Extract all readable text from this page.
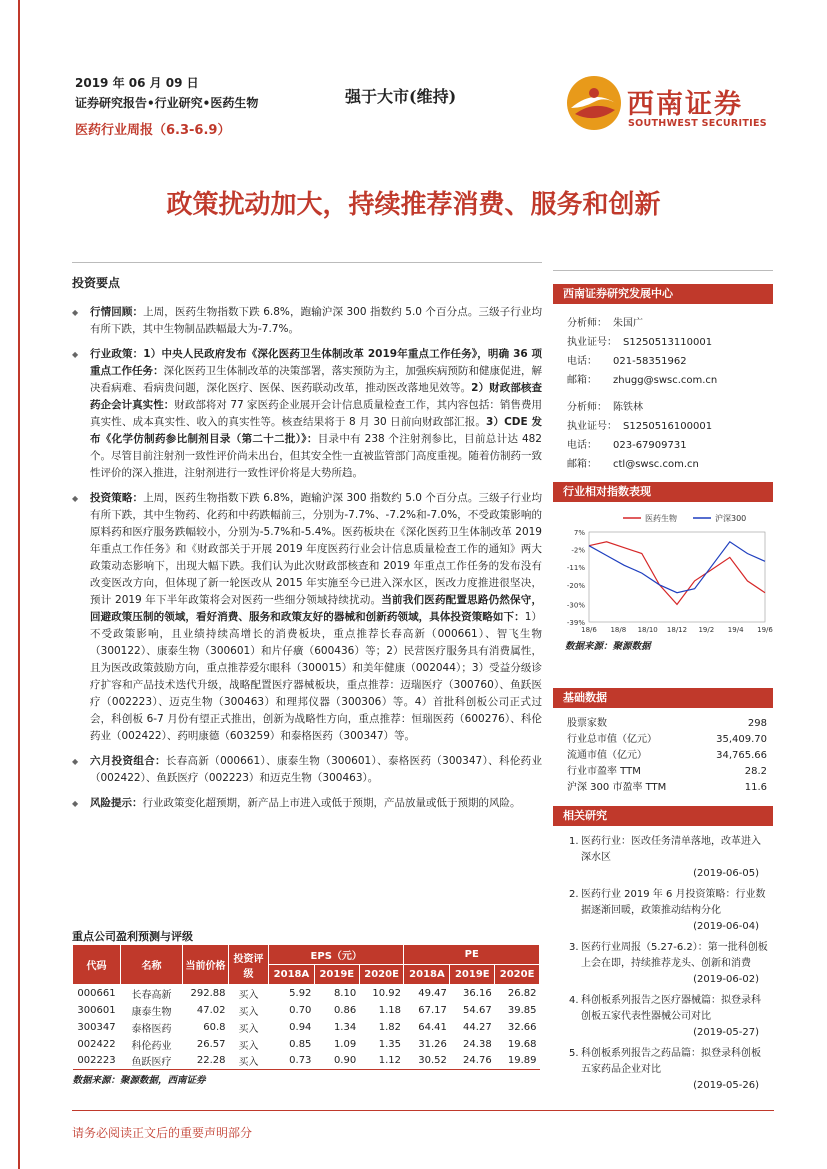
2019 年 06 月 09 日
证券研究报告•行业研究•医药生物
医药行业周报（6.3-6.9）
强于大市(维持)	西南证券
SOUTHWEST SECURITIES
政策扰动加大，持续推荐消费、服务和创新
投资要点
◆ 行情回顾：上周，医药生物指数下跌 6.8%，跑输沪深 300 指数约 5.0 个百分点。三级子行业均有所下跌，其中生物制品跌幅最大为-7.7%。
◆ 行业政策：1）中央人民政府发布《深化医药卫生体制改革 2019年重点工作任务》，明确 36 项重点工作任务：深化医药卫生体制改革的决策部署，落实预防为主，加强疾病预防和健康促进，解决看病难、看病贵问题，深化医疗、医保、医药联动改革，推动医改落地见效等。2）财政部核查药企会计真实性：财政部将对 77 家医药企业展开会计信息质量检查工作，其内容包括：销售费用真实性、成本真实性、收入的真实性等。核查结果将于 8 月 30 日前向财政部汇报。3）CDE 发布《化学仿制药参比制剂目录（第二十二批）》：目录中有 238 个注射剂参比，目前总计达 482 个。尽管目前注射剂一致性评价尚未出台，但其安全性一直被监管部门高度重视。随着仿制药一致性评价的深入推进，注射剂进行一致性评价将是大势所趋。
◆ 投资策略：上周，医药生物指数下跌 6.8%，跑输沪深 300 指数约 5.0 个百分点。三级子行业均有所下跌，其中生物药、化药和中药跌幅前三，分别为-7.7%、-7.2%和-7.0%，不受政策影响的原料药和医疗服务跌幅较小，分别为-5.7%和-5.4%。医药板块在《深化医药卫生体制改革 2019 年重点工作任务》和《财政部关于开展 2019 年度医药行业会计信息质量检查工作的通知》两大政策动态影响下，出现大幅下跌。我们认为此次财政部核查和 2019 年重点工作任务的发布没有改变医改方向，但体现了新一轮医改从 2015 年实施至今已进入深水区，医改力度推进很坚决，预计 2019 年下半年政策将会对医药一些细分领域持续扰动。当前我们医药配置思路仍然保守，回避政策压制的领域，看好消费、服务和政策友好的器械和创新药领域，具体投资策略如下：1）不受政策影响，且业绩持续高增长的消费板块，重点推荐长春高新（000661）、智飞生物（300122）、康泰生物（300601）和片仔癀（600436）等；2）民营医疗服务具有消费属性，且为医改政策鼓励方向，重点推荐爱尔眼科（300015）和美年健康（002044）；3）受益分级诊疗扩容和产品技术迭代升级，战略配置医疗器械板块，重点推荐：迈瑞医疗（300760）、鱼跃医疗（002223）、迈克生物（300463）和理邦仪器（300306）等。4）首批科创板公司正式过会，科创板 6-7 月份有望正式推出，创新为战略性方向，重点推荐：恒瑞医药（600276）、科伦药业（002422）、药明康德（603259）和泰格医药（300347）等。
◆ 六月投资组合：长春高新（000661）、康泰生物（300601）、泰格医药（300347）、科伦药业（002422）、鱼跃医疗（002223）和迈克生物（300463）。
◆ 风险提示：行业政策变化超预期，新产品上市进入或低于预期，产品放量或低于预期的风险。
重点公司盈利预测与评级
代码	名称	当前价格	投资评级	EPS（元）			PE		
				2018A	2019E	2020E	2018A	2019E	2020E
000661	长春高新	292.88	买入	5.92	8.10	10.92	49.47	36.16	26.82
300601	康泰生物	47.02	买入	0.70	0.86	1.18	67.17	54.67	39.85
300347	泰格医药	60.8	买入	0.94	1.34	1.82	64.41	44.27	32.66
002422	科伦药业	26.57	买入	0.85	1.09	1.35	31.26	24.38	19.68
002223	鱼跃医疗	22.28	买入	0.73	0.90	1.12	30.52	24.76	19.89
数据来源：聚源数据，西南证券									
西南证券研究发展中心
分析师： 朱国广
执业证号： S1250513110001
电话：	021-58351962
邮箱：	zhugg@swsc.com.cn
分析师： 陈铁林
执业证号： S1250516100001
电话：	023-67909731
邮箱：	ctl@swsc.com.cn
行业相对指数表现
7%
-2%
-11%
-20%
-30%
-39%
18/6 18/8 18/10 18/12 19/2 19/4 19/6
医药生物	沪深300
数据来源：聚源数据
基础数据
股票家数	298
行业总市值（亿元）	35,409.70
流通市值（亿元）	34,765.66
行业市盈率 TTM	28.2
沪深 300 市盈率 TTM	11.6
相关研究
1. 医药行业：医改任务清单落地，改革进入深水区
(2019-06-05)
2. 医药行业 2019 年 6 月投资策略：行业数据逐渐回暖，政策推动结构分化
(2019-06-04)
3. 医药行业周报（5.27-6.2）：第一批科创板上会在即，持续推荐龙头、创新和消费
(2019-06-02)
4. 科创板系列报告之医疗器械篇：拟登录科创板五家代表性器械公司对比
(2019-05-27)
5. 科创板系列报告之药品篇：拟登录科创板五家药品企业对比
(2019-05-26)
请务必阅读正文后的重要声明部分
